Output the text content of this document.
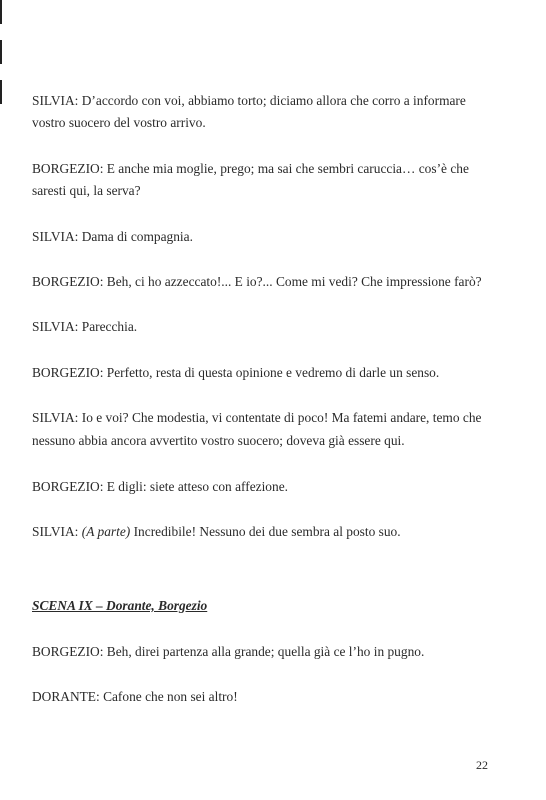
SILVIA: D’accordo con voi, abbiamo torto; diciamo allora che corro a informare

vostro suocero del vostro arrivo.

BORGEZIO: E anche mia moglie, prego; ma sai che sembri caruccia… cos’è che

saresti qui, la serva?

SILVIA: Dama di compagnia.

BORGEZIO: Beh, ci ho azzeccato!... E io?... Come mi vedi? Che impressione farò?

SILVIA: Parecchia.

BORGEZIO: Perfetto, resta di questa opinione e vedremo di darle un senso.

SILVIA: Io e voi? Che modestia, vi contentate di poco! Ma fatemi andare, temo che

nessuno abbia ancora avvertito vostro suocero; doveva già essere qui.

BORGEZIO: E digli: siete atteso con affezione.

SILVIA: (A parte) Incredibile! Nessuno dei due sembra al posto suo.

SCENA IX – Dorante, Borgezio

BORGEZIO: Beh, direi partenza alla grande; quella già ce l’ho in pugno.

DORANTE: Cafone che non sei altro!

22
